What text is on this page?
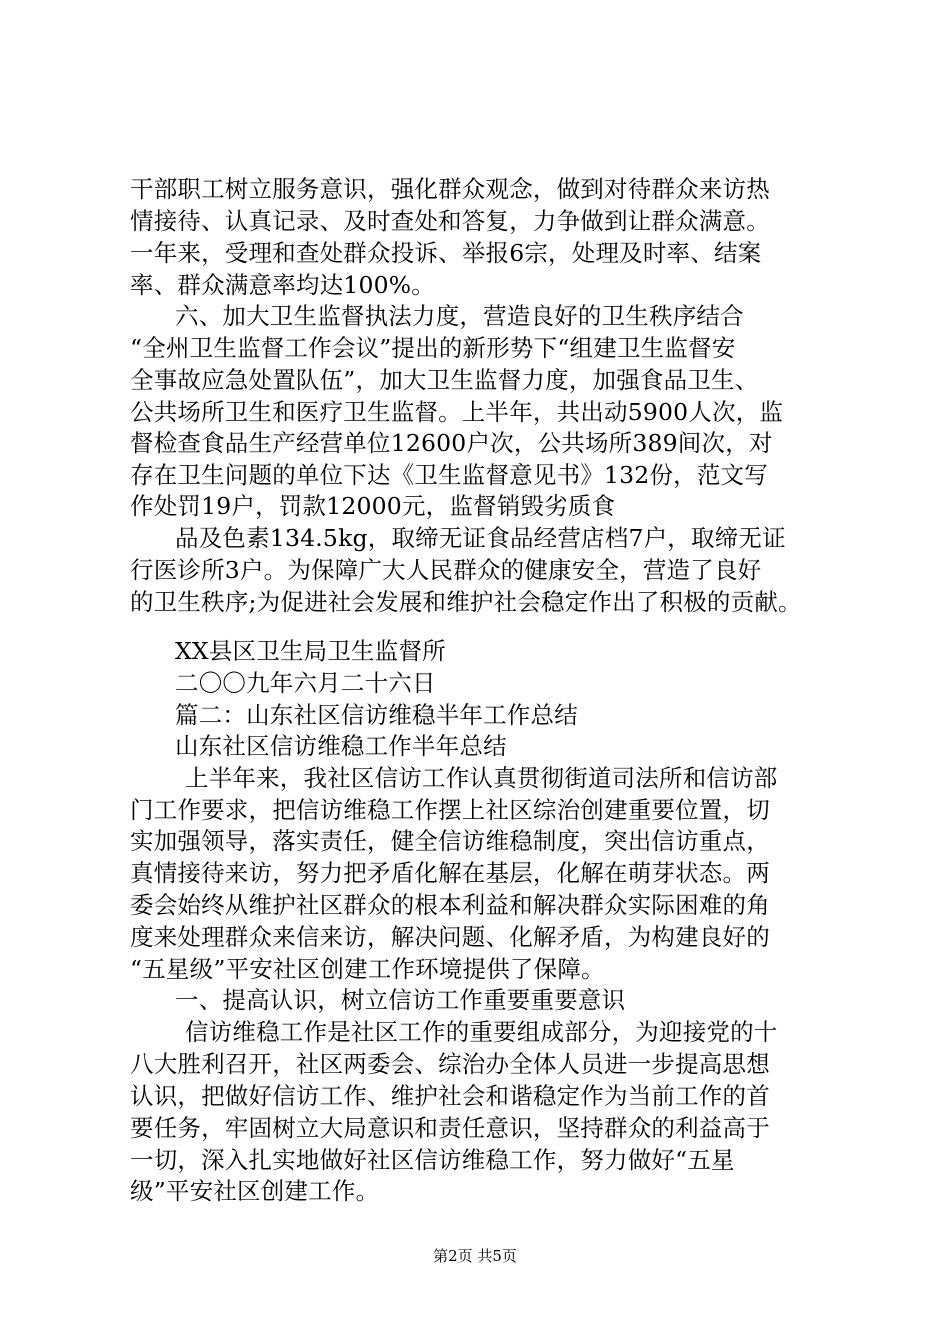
干部职工树立服务意识，强化群众观念，做到对待群众来访热
情接待、认真记录、及时查处和答复，力争做到让群众满意。
一年来，受理和查处群众投诉、举报6宗，处理及时率、结案
率、群众满意率均达100%。
六、加大卫生监督执法力度，营造良好的卫生秩序结合
“全州卫生监督工作会议”提出的新形势下“组建卫生监督安
全事故应急处置队伍”，加大卫生监督力度，加强食品卫生、
公共场所卫生和医疗卫生监督。上半年，共出动5900人次，监
督检查食品生产经营单位12600户次，公共场所389间次，对
存在卫生问题的单位下达《卫生监督意见书》132份，范文写
作处罚19户，罚款12000元，监督销毁劣质食
品及色素134.5kg，取缔无证食品经营店档7户，取缔无证
行医诊所3户。为保障广大人民群众的健康安全，营造了良好
的卫生秩序;为促进社会发展和维护社会稳定作出了积极的贡献。
XX县区卫生局卫生监督所
二〇〇九年六月二十六日
篇二：山东社区信访维稳半年工作总结
山东社区信访维稳工作半年总结
上半年来，我社区信访工作认真贯彻街道司法所和信访部
门工作要求，把信访维稳工作摆上社区综治创建重要位置，切
实加强领导，落实责任，健全信访维稳制度，突出信访重点，
真情接待来访，努力把矛盾化解在基层，化解在萌芽状态。两
委会始终从维护社区群众的根本利益和解决群众实际困难的角
度来处理群众来信来访，解决问题、化解矛盾，为构建良好的
“五星级”平安社区创建工作环境提供了保障。
一、提高认识，树立信访工作重要重要意识
信访维稳工作是社区工作的重要组成部分，为迎接党的十
八大胜利召开，社区两委会、综治办全体人员进一步提高思想
认识，把做好信访工作、维护社会和谐稳定作为当前工作的首
要任务，牢固树立大局意识和责任意识，坚持群众的利益高于
一切，深入扎实地做好社区信访维稳工作，努力做好“五星
级”平安社区创建工作。
第2页 共5页
